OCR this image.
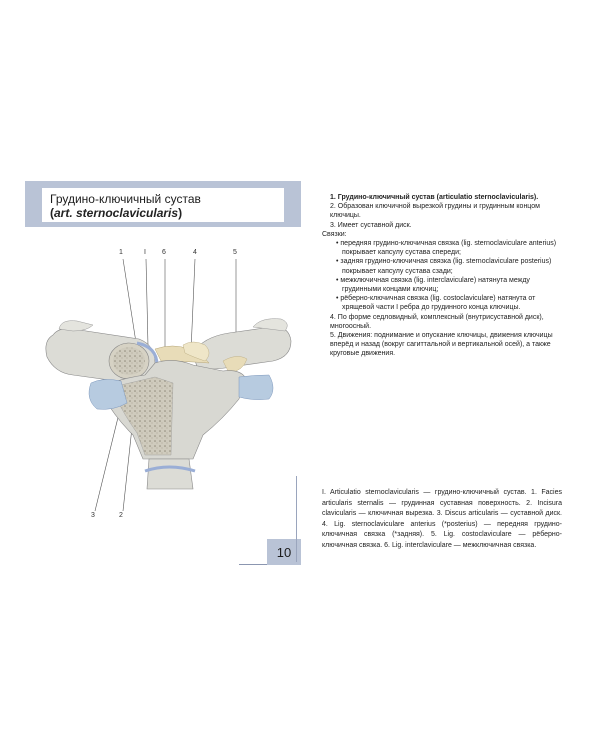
Грудино-ключичный сустав
(art. sternoclavicularis)
1	I 6	4	5
3	2
10

1. Грудино-ключичный сустав (articulatio sternoclavicularis).

2. Образован ключичной вырезкой грудины и грудинным концом ключицы.

3. Имеет суставной диск.

Связки:

• передняя грудино-ключичная связка (lig. sternoclaviculare anterius) покрывает капсулу сустава спереди;

• задняя грудино-ключичная связка (lig. sternoclaviculare posterius) покрывает капсулу сустава сзади;

• межключичная связка (lig. interclaviculare) натянута между грудинными концами ключиц;

• рёберно-ключичная связка (lig. costoclaviculare) натянута от хрящевой части I ребра до грудинного конца ключицы.

4. По форме седловидный, комплексный (внутрисуставной диск), многоосный.

5. Движения: поднимание и опускание ключицы, движения ключицы вперёд и назад (вокруг сагиттальной и вертикальной осей), а также круговые движения.

I. Articulatio sternoclavicularis — грудино-ключичный сустав. 1. Facies articularis sternalis — грудинная суставная поверхность. 2. Incisura clavicularis — ключичная вырезка. 3. Discus articularis — суставной диск. 4. Lig. sternoclaviculare anterius (*posterius) — передняя грудино-ключичная связка (*задняя). 5. Lig. costoclaviculare — рёберно-ключичная связка. 6. Lig. interclaviculare — межключичная связка.
